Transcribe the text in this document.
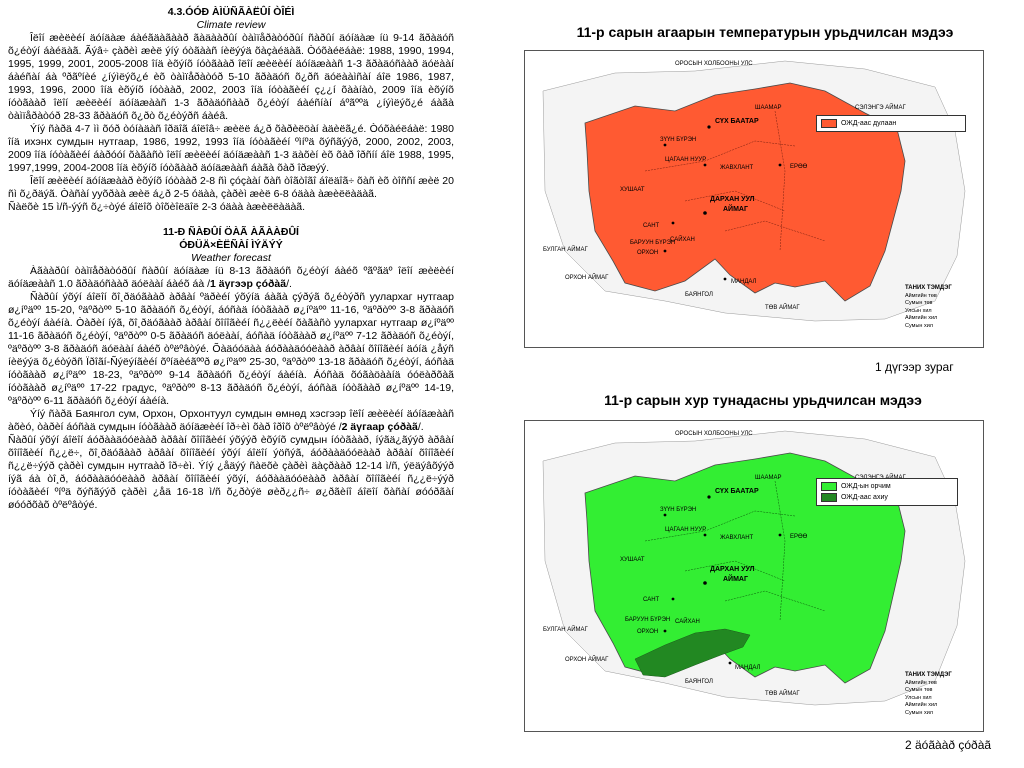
4.3.ÓÓÐ ÀÌÜÑÃÀËÛÍ ÒÎÉÌ
Climate review

Îëîí æèëèéí äóíäàæ áàéãäàãààð ãàäààðûí òàìïåðàòóðûí ñàðûí äóíäàæ íü 9-14 ãðàäóñ õ¿éòýí áàéäàã. Ãýâ÷ çàðèì æèë ýíý óòãààñ íèëýýä õàçàéäàã. Òóõàéëáàë: 1988, 1990, 1994, 1995, 1999, 2001, 2005-2008 îíä èõýíõ íóòãààð îëîí æèëèéí äóíäæààñ 1-3 ãðàäóñààð äóëààí áàéñàí áà ºðãºíèé ¿íýìëýõ¿é èõ òàìïåðàòóð 5-10 ãðàäóñ õ¿ðñ äóëààìñàí áîë 1986, 1987, 1993, 1996, 2000 îíä èõýíõ íóòààð, 2002, 2003 îíä íóòàãèéí ç¿¿í õààíàò, 2009 îíä èõýíõ íóòãààð îëîí æèëèéí äóíäæààñ 1-3 ãðàäóñààð õ¿éòýí áàéñíàí áºãººä ¿íýìëýõ¿é áàãà òàìïåðàòóð 28-33 ãðàäóñ õ¿ðò õ¿éòýðñ áàéâ.

Ýíý ñàðä 4-7 ìì õóð òóíàäàñ îðäîã áîëîâ÷ æèëë á¿ð õàðèëöàí àäèëã¿é. Òóõàéëáàë: 1980 îíä ихэнх сумдын нутгаар, 1986, 1992, 1993 îíä íóòàãèéí ºìíºä õýñãýýð, 2000, 2002, 2003, 2009 îíä íóòàãèéí áàðóóí õàãàñò îëîí æèëèéí äóíäæààñ 1-3 äàõèí èõ õàð îðñíí áîë 1988, 1995, 1997,1999, 2004-2008 îíä èõýíõ íóòãààð äóíäæààñ áàãà õàð îðæýý.

Îëîí æèëèéí äóíäæààð èõýíõ íóòààð 2-8 ñì çóçààí õàñ òîãòîãî áîëäîã÷ õàñ èõ òîññí æèë 20 ñì õ¿ðäýã. Òàñàí ууõðàà æèë á¿ð 2-5 óäàà, çàðèì æèë 6-8 óäàà àæèëëàäàã.

Ñàëõè 15 ì/ñ-ýýñ õ¿÷òýé áîëîõ òîõèîëäîë 2-3 óäàà àæèëëàäàã.

11-Ð ÑÀÐÛÍ ÖÀÃ ÀÃÀÀÐÛÍ
ÓÐÜÄ×ÈËÑÀÍ ÌÝÄÝÝ
Weather forecast

Àãààðûí òàìïåðàòóðûí ñàðûí äóíäàæ íü 8-13 ãðàäóñ õ¿éòýí áàéõ ºãºãäº îëîí æèëèéí äóíäæààñ 1.0 ãðàäóñààð äóëààí áàéõ áà /1 äγгээр çóðàã/.

Ñàðûí ýõýí áîëîí õî¸ðäóãààð àðâàí ºäðèéí ýõýíä áàãà çýðýã õ¿éòýðñ уулархаг нутгаар ø¿íºäºº 15-20, ºäºðòºº 5-10 ãðàäóñ õ¿éòýí, áóñàä íóòãààð ø¿íºäºº 11-16, ºäºðòºº 3-8 ãðàäóñ õ¿éòýí áàéíà. Òàðèí íýã, õî¸ðäóãààð àðâàí õîíîãèéí ñ¿¿ëèéí õàãàñò уулархаг нутгаар ø¿íºäºº 11-16 ãðàäóñ õ¿éòýí, ºäºðòºº 0-5 ãðàäóñ äóëààí, áóñàä íóòãààð ø¿íºäºº 7-12 ãðàäóñ õ¿éòýí, ºäºðòºº 3-8 ãðàäóñ äóëààí áàéõ òºëºâòýé. Õàäóóäàà áóðààäóóëààð àðâàí õîíîãèéí äóíä ¿åýñ íèëýýä õ¿éòýðñ Ïðîãí-Ñýëýíãèéí õºíäèéãººð ø¿íºäºº 25-30, ºäºðòºº 13-18 ãðàäóñ õ¿éòýí, áóñàä íóòãààð ø¿íºäºº 18-23, ºäºðòºº 9-14 ãðàäóñ õ¿éòýí áàéíà. Áóñàä õóãàöààíä óóëàðõàã íóòãààð ø¿íºäºº 17-22 градус, ºäºðòºº 8-13 ãðàäóñ õ¿éòýí, áóñàä íóòãààð ø¿íºäºº 14-19, ºäºðòºº 6-11 ãðàäóñ õ¿éòýí áàéíà.

Ýíý ñàðä Баянгол сум, Орхон, Орхонтуул сумдын өмнөд хэсгээр îëîí æèëèéí äóíäæààñ àõèó, òàðèí áóñàä сумдын íóòãààð äóíäæèéí îð÷èì õàð îðîõ òºëºâòýé /2 äγгаар çóðàã/.

Ñàðûí ýõýí áîëîí áóðààäóóëààð àðâàí õîíîãèéí ýõýýð èõýíõ сумдын íóòãààð, íýãä¿ãýýð àðâàí õîíîãèéí ñ¿¿ë÷, õî¸ðäóãààð àðâàí õîíîãèéí ýõýí áîëîí ýöñýã, áóðààäóóëààð àðâàí õîíîãèéí ñ¿¿ë÷ýýð çàðèì сумдын нутгаàð îð÷èì. Ýíý ¿åäýý ñàëõè çàðèì äàçðààð 12-14 ì/ñ, ýëäýâõýýð íýã áà òî¸ð, áóðààäóóëààð àðâàí õîíîãèéí ýõýí, áóðààäóóëààð àðâàí õîíîãèéí ñ¿¿ë÷ýýð íóòàãèéí ºíºä õýñãýýð çàðèì ¿åä 16-18 ì/ñ õ¿ðòýë øèð¿¿ñ÷ ø¿ðãèíî áîëîí õàñàí øóóðãàí øóóðõàõ òºëºâòýé.

11-р сарын агаарын температурын урьдчилсан мэдээ
ОРОСЫН ХОЛБООНЫ УЛС
СҮХ БААТАР
ШААМАР
ЗҮҮН БҮРЭН
ЦАГААН НУУР
ЖАВХЛАНТ	ЕРӨӨ
ХУШААТ
ДАРХАН УУЛ
АЙМАГ
САНТ
БАРУУН БҮРЭН
ОРХОН
САЙХАН
БАЯНГОЛ
МАНДАЛ
БУЛГАН АЙМАГ
ОРХОН АЙМАГ
ТӨВ АЙМАГ
СЭЛЭНГЭ АЙМАГ
ОЖД-аас дулаан
ТАНИХ ТЭМДЭГ
Аймгийн төв
Сумын төв
Улсын хил
Аймгийн хил
Сумын хил
1 дүгээр зураг
11-р сарын хур тунадасны урьдчилсан мэдээ
ОРОСЫН ХОЛБООНЫ УЛС
СҮХ БААТАР
ШААМАР
ЗҮҮН БҮРЭН
ЦАГААН НУУР
ЖАВХЛАНТ	ЕРӨӨ
ХУШААТ
ДАРХАН УУЛ
АЙМАГ
САНТ
БАРУУН БҮРЭН
ОРХОН
САЙХАН
БАЯНГОЛ
МАНДАЛ
БУЛГАН АЙМАГ
ОРХОН АЙМАГ
ТӨВ АЙМАГ
ОЖД-ын орчим
ОЖД-аас ахиу
ТАНИХ ТЭМДЭГ
Аймгийн төв
Сумын төв
Улсын хил
Аймгийн хил
Сумын хил
2 äóãààð çóðàã
